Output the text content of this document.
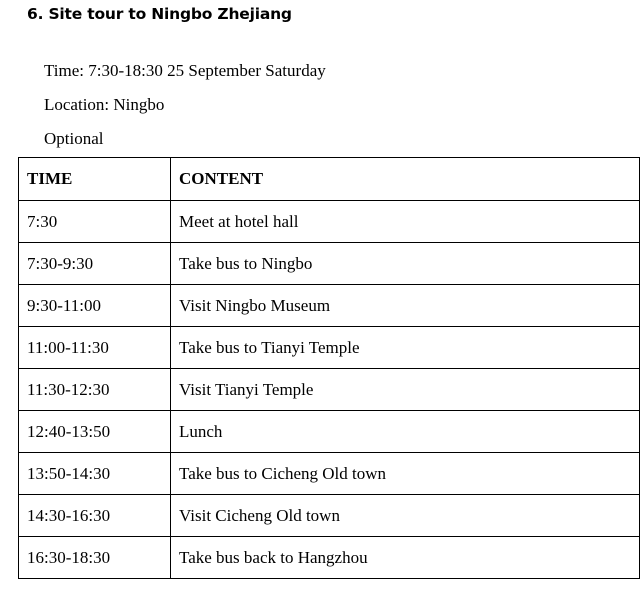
6. Site tour to Ningbo Zhejiang
Time: 7:30-18:30 25 September Saturday
Location: Ningbo
Optional
TIME	CONTENT
7:30	Meet at hotel hall
7:30-9:30	Take bus to Ningbo
9:30-11:00	Visit Ningbo Museum
11:00-11:30	Take bus to Tianyi Temple
11:30-12:30	Visit Tianyi Temple
12:40-13:50	Lunch
13:50-14:30	Take bus to Cicheng Old town
14:30-16:30	Visit Cicheng Old town
16:30-18:30	Take bus back to Hangzhou
